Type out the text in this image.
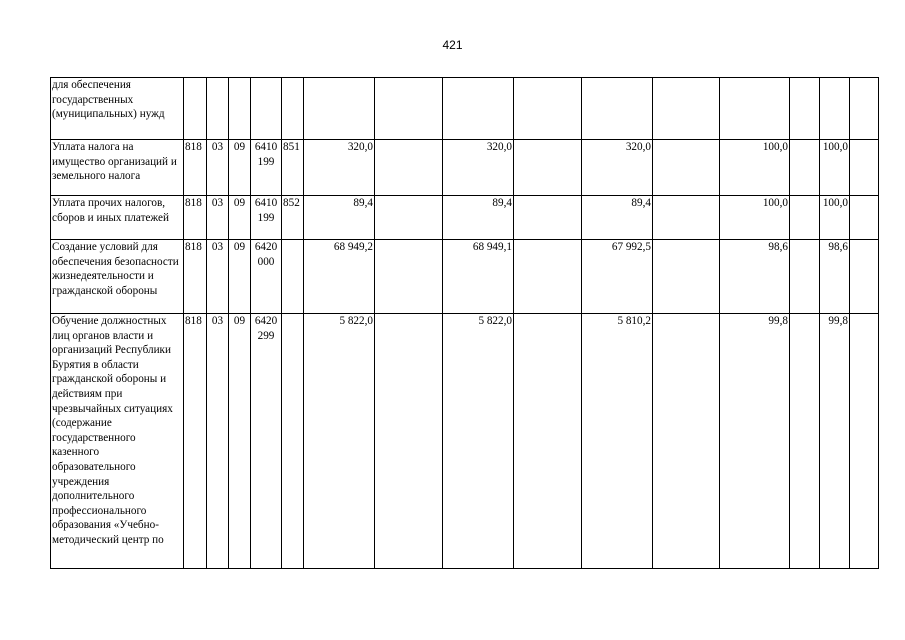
421
для обеспечения государственных (муниципальных) нужд															
Уплата налога на имущество организаций и земельного налога	818	03	09	6410 199	851	320,0		320,0		320,0		100,0		100,0	
Уплата прочих налогов, сборов и иных платежей	818	03	09	6410 199	852	89,4		89,4		89,4		100,0		100,0	
Создание условий для обеспечения безопасности жизнедеятельности и гражданской обороны	818	03	09	6420 000		68 949,2		68 949,1		67 992,5		98,6		98,6	
Обучение должностных лиц органов власти и организаций Республики Бурятия в области гражданской обороны и действиям при чрезвычайных ситуациях (содержание государственного казенного образовательного учреждения дополнительного профессионального образования «Учебно-методический центр по	818	03	09	6420 299		5 822,0		5 822,0		5 810,2		99,8		99,8	
